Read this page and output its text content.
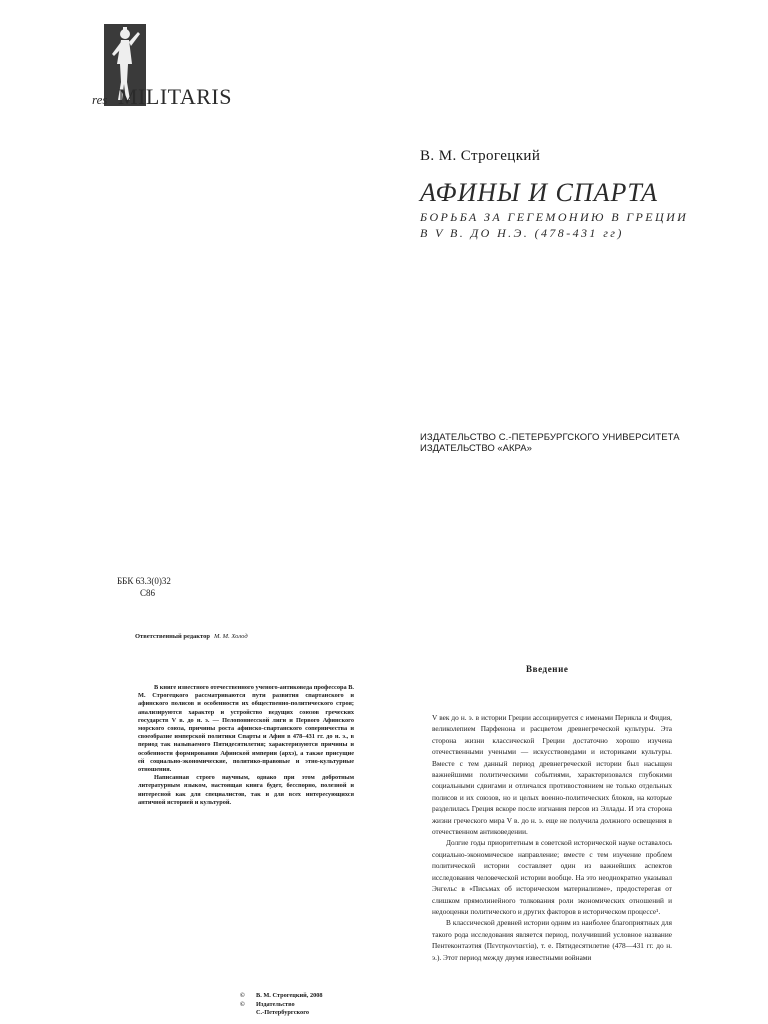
res MILITARIS
В. М. Строгецкий
АФИНЫ И СПАРТА
БОРЬБА ЗА ГЕГЕМОНИЮ В ГРЕЦИИ
В V В. ДО Н.Э. (478-431 гг)
ИЗДАТЕЛЬСТВО С.-ПЕТЕРБУРГСКОГО УНИВЕРСИТЕТА
ИЗДАТЕЛЬСТВО «АКРА»
ББК 63.3(0)32
С86
Ответственный редактор М. М. Холод

В книге известного отечественного ученого-антиковеда профессора В. М. Строгецкого рассматриваются пути развития спартанского и афинского полисов и особенности их общественно-политического строя; анализируются характер и устройство ведущих союзов греческих государств V в. до н. э. — Пелопоннесской лиги и Первого Афинского морского союза, причины роста афинско-спартанского соперничества и своеобразие имперской политики Спарты и Афин в 478–431 гг. до н. э., в период так называемого Пятидесятилетия; характеризуются причины и особенности формирования Афинской империи (архэ), а также присущие ей социально-экономические, политико-правовые и этно-культурные отношения.

Написанная строго научным, однако при этом добротным литературным языком, настоящая книга будет, бесспорно, полезной и интересной как для специалистов, так и для всех интересующихся античной историей и культурой.

©	В. М. Строгецкий, 2008
©	Издательство
С.-Петербургского
Введение

V век до н. э. в истории Греции ассоциируется с именами Перикла и Фидия, великолепием Парфенона и расцветом древнегреческой культуры. Эта сторона жизни классической Греции достаточно хорошо изучена отечественными учеными — искусствоведами и историками культуры. Вместе с тем данный период древнегреческой истории был насыщен важнейшими политическими событиями, характеризовался глубокими социальными сдвигами и отличался противостоянием не только отдельных полисов и их союзов, но и целых военно-политических блоков, на которые разделилась Греция вскоре после изгнания персов из Эллады. И эта сторона жизни греческого мира V в. до н. э. еще не получила должного освещения в отечественном антиковедении.

Долгие годы приоритетным в советской исторической науке оставалось социально-экономическое направление; вместе с тем изучение проблем политической истории составляет один из важнейших аспектов исследования человеческой истории вообще. На это неоднократно указывал Энгельс в «Письмах об историческом материализме», предостерегая от слишком прямолинейного толкования роли экономических отношений и недооценки политического и других факторов в историческом процессе¹.

В классической древней истории одним из наиболее благоприятных для такого рода исследования является период, получивший условное название Пентеконтаэтия (Πεντηκονταετία), т. е. Пятидесятилетие (478—431 гг. до н. э.). Этот период между двумя известными войнами
